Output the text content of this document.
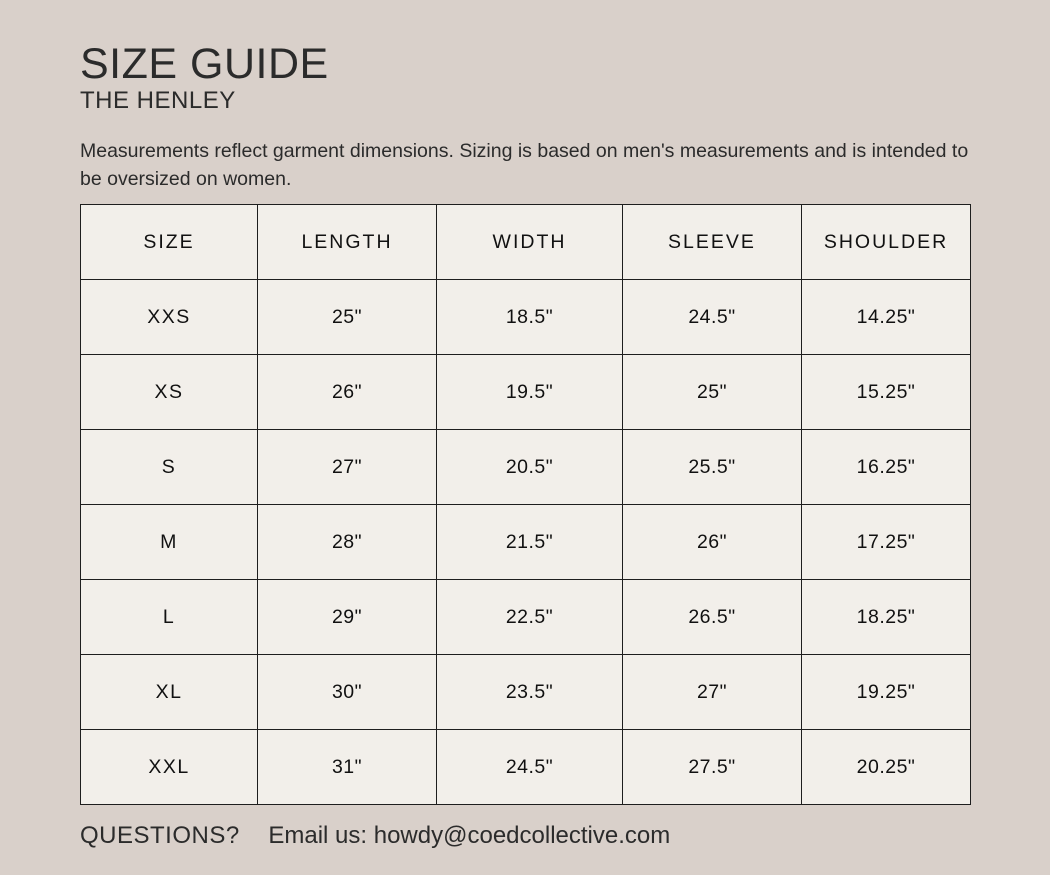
SIZE GUIDE
THE HENLEY

Measurements reflect garment dimensions. Sizing is based on men's measurements and is intended to be oversized on women.

SIZE	LENGTH	WIDTH	SLEEVE	SHOULDER
XXS	25"	18.5"	24.5"	14.25"
XS	26"	19.5"	25"	15.25"
S	27"	20.5"	25.5"	16.25"
M	28"	21.5"	26"	17.25"
L	29"	22.5"	26.5"	18.25"
XL	30"	23.5"	27"	19.25"
XXL	31"	24.5"	27.5"	20.25"
QUESTIONS? Email us: howdy@coedcollective.com
